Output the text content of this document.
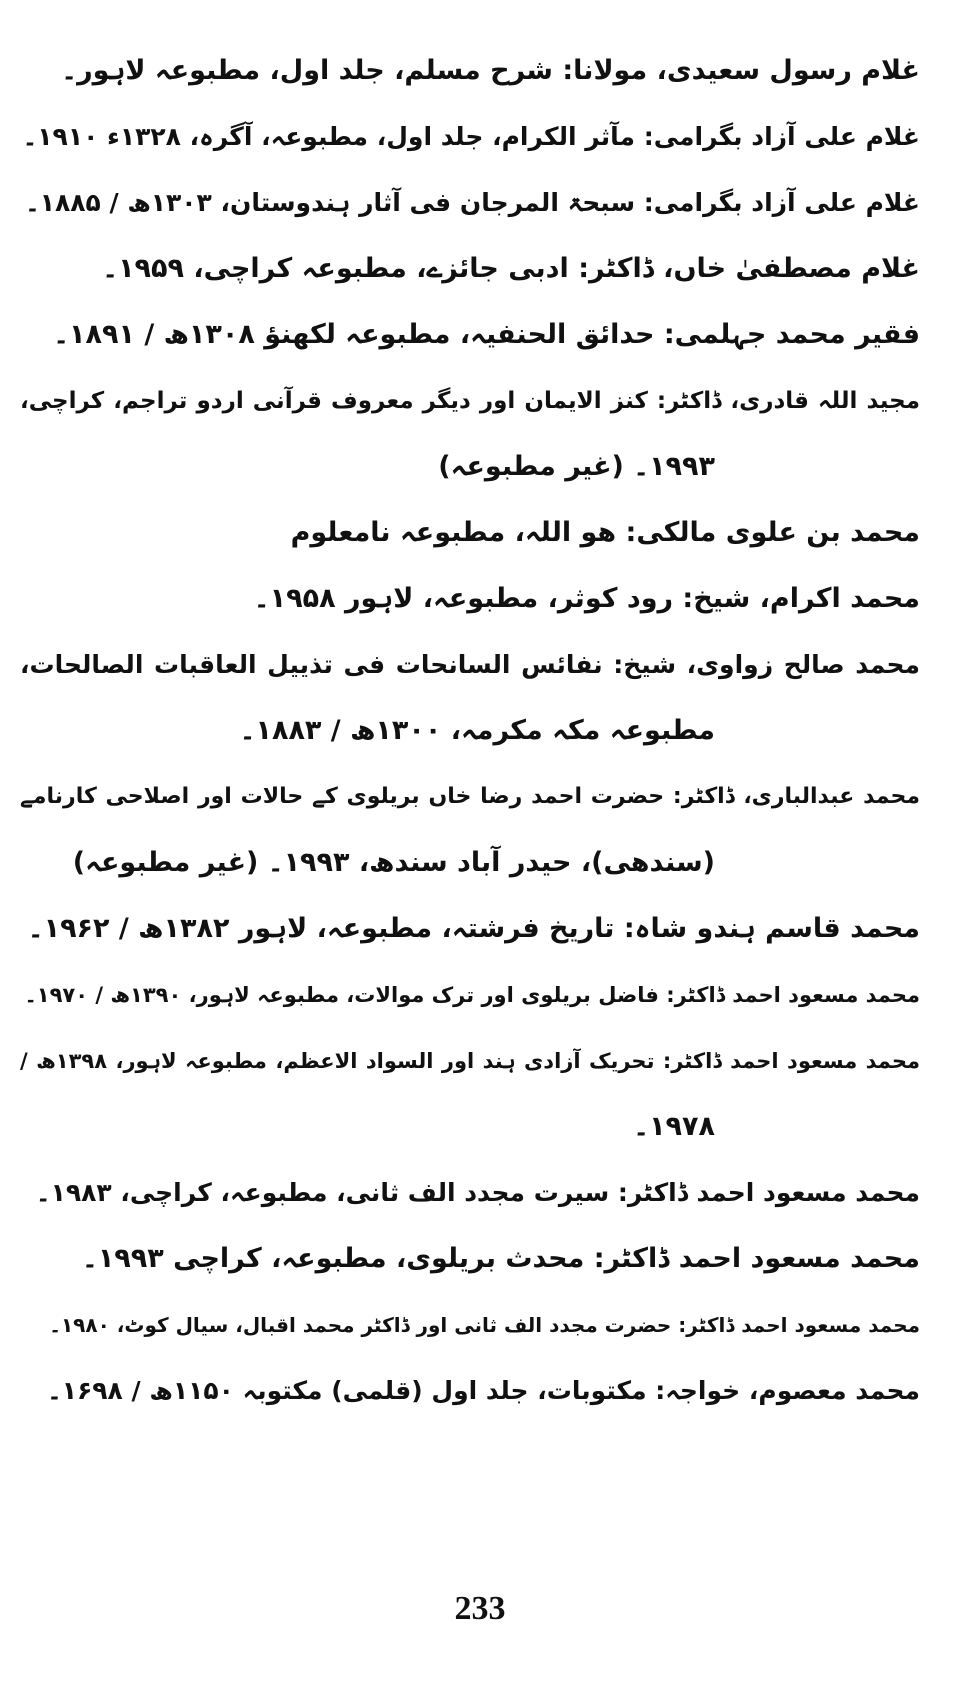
غلام رسول سعیدی، مولانا: شرح مسلم، جلد اول، مطبوعہ لاہور۔
غلام علی آزاد بگرامی: مآثر الکرام، جلد اول، مطبوعہ، آگرہ، ۱۳۲۸ء ۱۹۱۰۔
غلام علی آزاد بگرامی: سبحۃ المرجان فی آثار ہندوستان، ۱۳۰۳ھ / ۱۸۸۵۔
غلام مصطفیٰ خاں، ڈاکٹر: ادبی جائزے، مطبوعہ کراچی، ۱۹۵۹۔
فقیر محمد جہلمی: حدائق الحنفیہ، مطبوعہ لکھنؤ ۱۳۰۸ھ / ۱۸۹۱۔
مجید اللہ قادری، ڈاکٹر: کنز الایمان اور دیگر معروف قرآنی اردو تراجم، کراچی،
۱۹۹۳۔ (غیر مطبوعہ)
محمد بن علوی مالکی: ھو اللہ، مطبوعہ نامعلوم
محمد اکرام، شیخ: رود کوثر، مطبوعہ، لاہور ۱۹۵۸۔
محمد صالح زواوی، شیخ: نفائس السانحات فی تذییل العاقبات الصالحات،
مطبوعہ مکہ مکرمہ، ۱۳۰۰ھ / ۱۸۸۳۔
محمد عبدالباری، ڈاکٹر: حضرت احمد رضا خاں بریلوی کے حالات اور اصلاحی کارنامے
(سندھی)، حیدر آباد سندھ، ۱۹۹۳۔ (غیر مطبوعہ)
محمد قاسم ہندو شاہ: تاریخ فرشتہ، مطبوعہ، لاہور ۱۳۸۲ھ / ۱۹۶۲۔
محمد مسعود احمد ڈاکٹر: فاضل بریلوی اور ترک موالات، مطبوعہ لاہور، ۱۳۹۰ھ / ۱۹۷۰۔
محمد مسعود احمد ڈاکٹر: تحریک آزادی ہند اور السواد الاعظم، مطبوعہ لاہور، ۱۳۹۸ھ /
۱۹۷۸۔
محمد مسعود احمد ڈاکٹر: سیرت مجدد الف ثانی، مطبوعہ، کراچی، ۱۹۸۳۔
محمد مسعود احمد ڈاکٹر: محدث بریلوی، مطبوعہ، کراچی ۱۹۹۳۔
محمد مسعود احمد ڈاکٹر: حضرت مجدد الف ثانی اور ڈاکٹر محمد اقبال، سیال کوٹ، ۱۹۸۰۔
محمد معصوم، خواجہ: مکتوبات، جلد اول (قلمی) مکتوبہ ۱۱۵۰ھ / ۱۶۹۸۔
233
